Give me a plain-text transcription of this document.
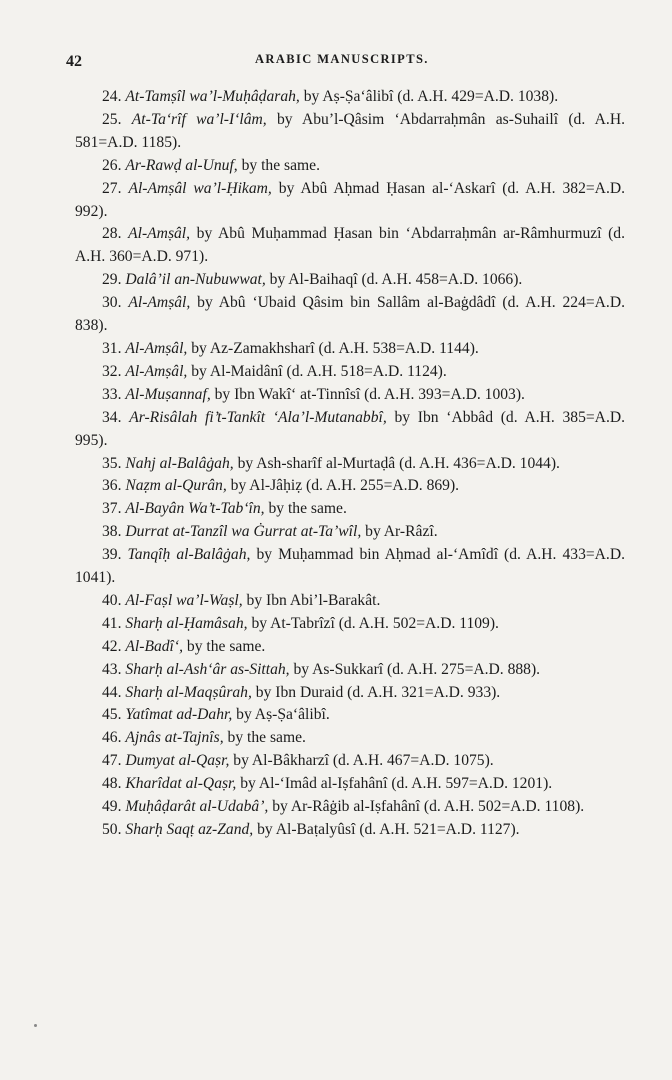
42	ARABIC MANUSCRIPTS.

24 . At-Tamṣîl wa’l-Muḥâḍarah, by Aṣ-Ṣa‘âlibî (d. A.H. 429=A.D. 1038).
25 . At-Ta‘rîf wa’l-I‘lâm, by Abu’l-Qâsim ‘Abdarraḥmân as-Suhailî (d. A.H. 581=A.D. 1185).
26 . Ar-Rawḍ al-Unuf, by the same.
27 . Al-Amṣâl wa’l-Ḥikam, by Abû Aḥmad Ḥasan al-‘Askarî (d. A.H. 382=A.D. 992).
28 . Al-Amṣâl, by Abû Muḥammad Ḥasan bin ‘Abdarraḥmân ar-Râmhurmuzî (d. A.H. 360=A.D. 971).
29 . Dalâ’il an-Nubuwwat, by Al-Baihaqî (d. A.H. 458=A.D. 1066).
30 . Al-Amṣâl, by Abû ‘Ubaid Qâsim bin Sallâm al-Baġdâdî (d. A.H. 224=A.D. 838).
31 . Al-Amṣâl, by Az-Zamakhsharî (d. A.H. 538=A.D. 1144).
32 . Al-Amṣâl, by Al-Maidânî (d. A.H. 518=A.D. 1124).
33 . Al-Muṣannaf, by Ibn Wakî‘ at-Tinnîsî (d. A.H. 393=A.D. 1003).
34 . Ar-Risâlah fi’t-Tankît ‘Ala’l-Mutanabbî, by Ibn ‘Abbâd (d. A.H. 385=A.D. 995).
35 . Nahj al-Balâġah, by Ash-sharîf al-Murtaḍâ (d. A.H. 436=A.D. 1044).
36 . Naẓm al-Qurân, by Al-Jâḥiẓ (d. A.H. 255=A.D. 869).
37 . Al-Bayân Wa’t-Tab‘în, by the same.
38 . Durrat at-Tanzîl wa Ġurrat at-Ta’wîl, by Ar-Râzî.
39 . Tanqîḥ al-Balâġah, by Muḥammad bin Aḥmad al-‘Amîdî (d. A.H. 433=A.D. 1041).
40 . Al-Faṣl wa’l-Waṣl, by Ibn Abi’l-Barakât.
41 . Sharḥ al-Ḥamâsah, by At-Tabrîzî (d. A.H. 502=A.D. 1109).
42 . Al-Badî‘, by the same.
43 . Sharḥ al-Ash‘âr as-Sittah, by As-Sukkarî (d. A.H. 275=A.D. 888).
44 . Sharḥ al-Maqṣûrah, by Ibn Duraid (d. A.H. 321=A.D. 933).
45 . Yatîmat ad-Dahr, by Aṣ-Ṣa‘âlibî.
46 . Ajnâs at-Tajnîs, by the same.
47 . Dumyat al-Qaṣr, by Al-Bâkharzî (d. A.H. 467=A.D. 1075).
48 . Kharîdat al-Qaṣr, by Al-‘Imâd al-Iṣfahânî (d. A.H. 597=A.D. 1201).
49 . Muḥâḍarât al-Udabâ’, by Ar-Râġib al-Iṣfahânî (d. A.H. 502=A.D. 1108).
50 . Sharḥ Saqṭ az-Zand, by Al-Baṭalyûsî (d. A.H. 521=A.D. 1127).
